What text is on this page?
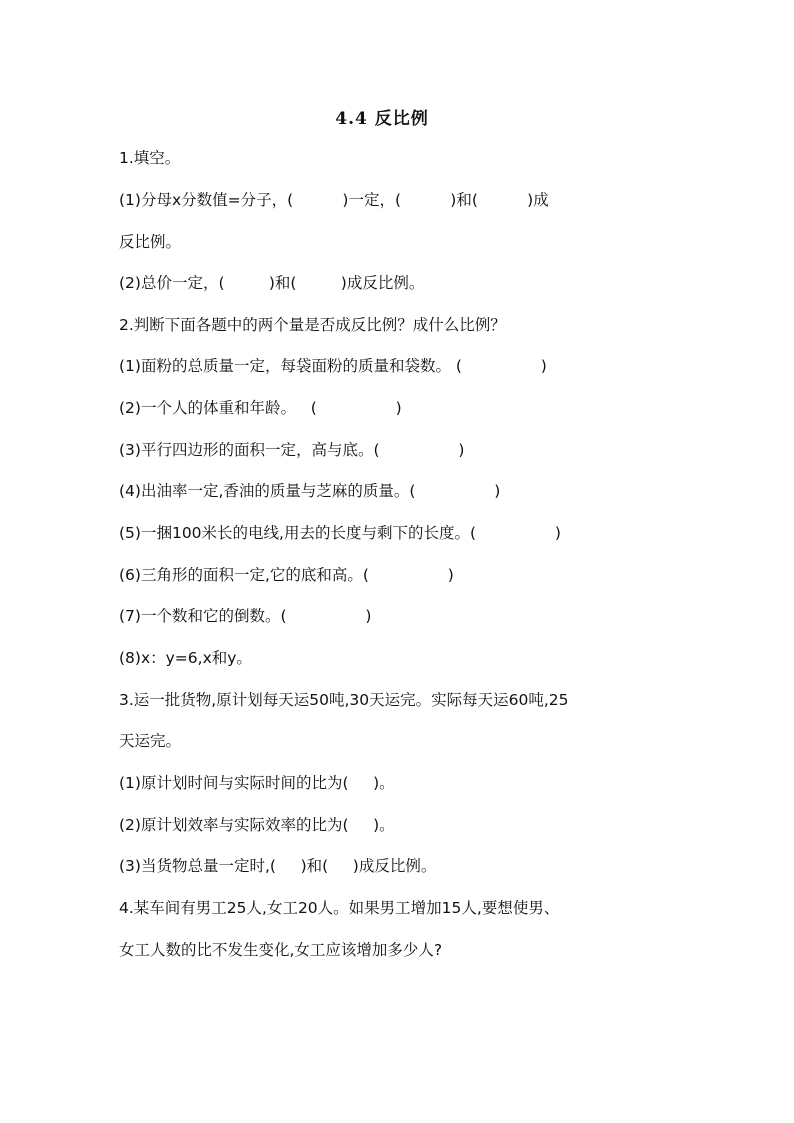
4.4 反比例
1.填空。
(1)分母x分数值=分子，(          )一定，(          )和(          )成
反比例。
(2)总价一定，(         )和(         )成反比例。
2.判断下面各题中的两个量是否成反比例？成什么比例？
(1)面粉的总质量一定，每袋面粉的质量和袋数。 (                )
(2)一个人的体重和年龄。   (                )
(3)平行四边形的面积一定，高与底。(                )
(4)出油率一定,香油的质量与芝麻的质量。(                )
(5)一捆100米长的电线,用去的长度与剩下的长度。(                )
(6)三角形的面积一定,它的底和高。(                )
(7)一个数和它的倒数。(                )
(8)x：y=6,x和y。
3.运一批货物,原计划每天运50吨,30天运完。实际每天运60吨,25
天运完。
(1)原计划时间与实际时间的比为(     )。
(2)原计划效率与实际效率的比为(     )。
(3)当货物总量一定时,(     )和(     )成反比例。
4.某车间有男工25人,女工20人。如果男工增加15人,要想使男、
女工人数的比不发生变化,女工应该增加多少人?
